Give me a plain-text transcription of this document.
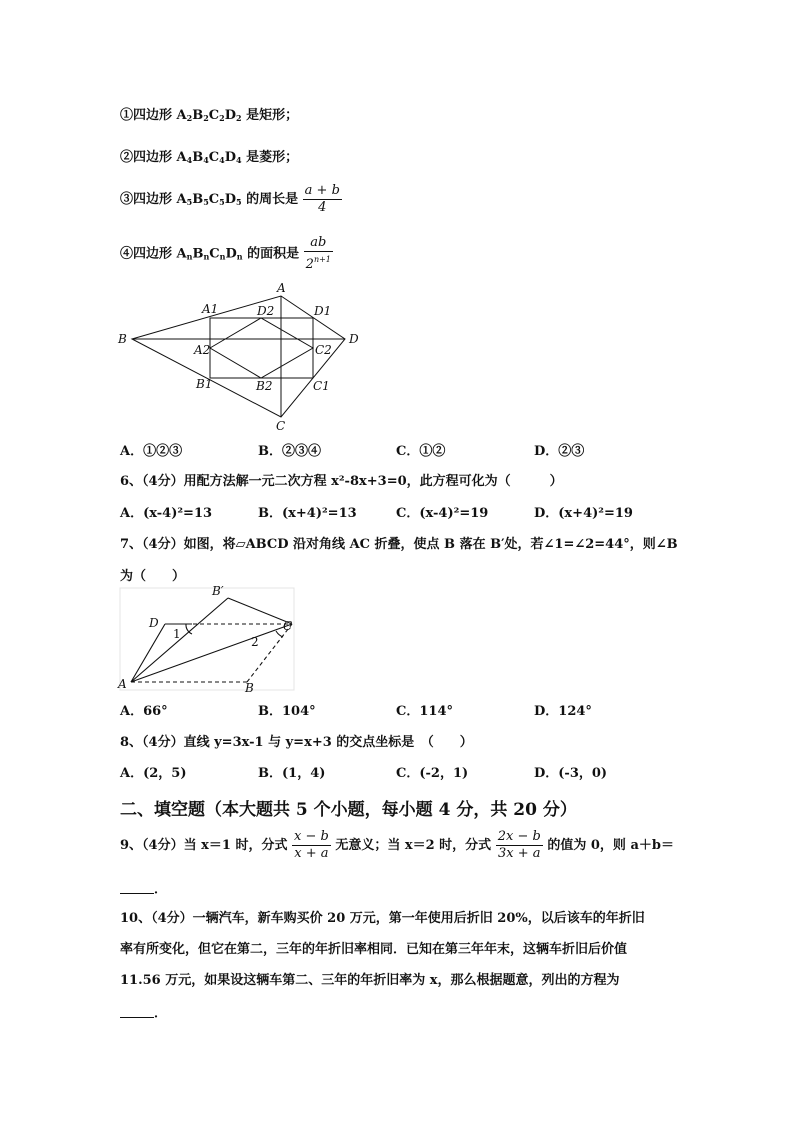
①四边形 $A_2B_2C_2D_2$ 是矩形；
②四边形 $A_4B_4C_4D_4$ 是菱形；
③四边形 $A_5B_5C_5D_5$ 的周长是 $\frac{a + b}{4}$
④四边形 $A_nB_nC_nD_n$ 的面积是 $\frac{ab}{2^{n+1}}$
A
A1	D2	D1
B	D
A2	C2
B1	B2	C1
C
A．①②③	B．②③④	C．①②	D．②③
6、（4分）用配方法解一元二次方程 x²-8x+3=0，此方程可化为（　　　）
A．(x-4)²=13	B．(x+4)²=13	C．(x-4)²=19	D．(x+4)²=19
7、（4分）如图，将▱ABCD 沿对角线 AC 折叠，使点 B 落在 B′处，若∠1=∠2=44°，则∠B
为（　　）
B′
D
1
C
2
A	B
A．66°	B．104°	C．114°	D．124°
8、（4分）直线 y=3x-1 与 y=x+3 的交点坐标是　（　　）
A．(2，5)	B．(1，4)	C．(-2，1)	D．(-3，0)
二、填空题（本大题共 5 个小题，每小题 4 分，共 20 分）
9、（4分）当 x＝1 时，分式 $\frac{x - b}{x + a}$ 无意义；当 x＝2 时，分式 $\frac{2x - b}{3x + a}$ 的值为 0，则 a＋b＝
．
10、（4分）一辆汽车，新车购买价 20 万元，第一年使用后折旧 20%，以后该车的年折旧
率有所变化，但它在第二，三年的年折旧率相同．已知在第三年年末，这辆车折旧后价值
11.56 万元，如果设这辆车第二、三年的年折旧率为 x，那么根据题意，列出的方程为
．
